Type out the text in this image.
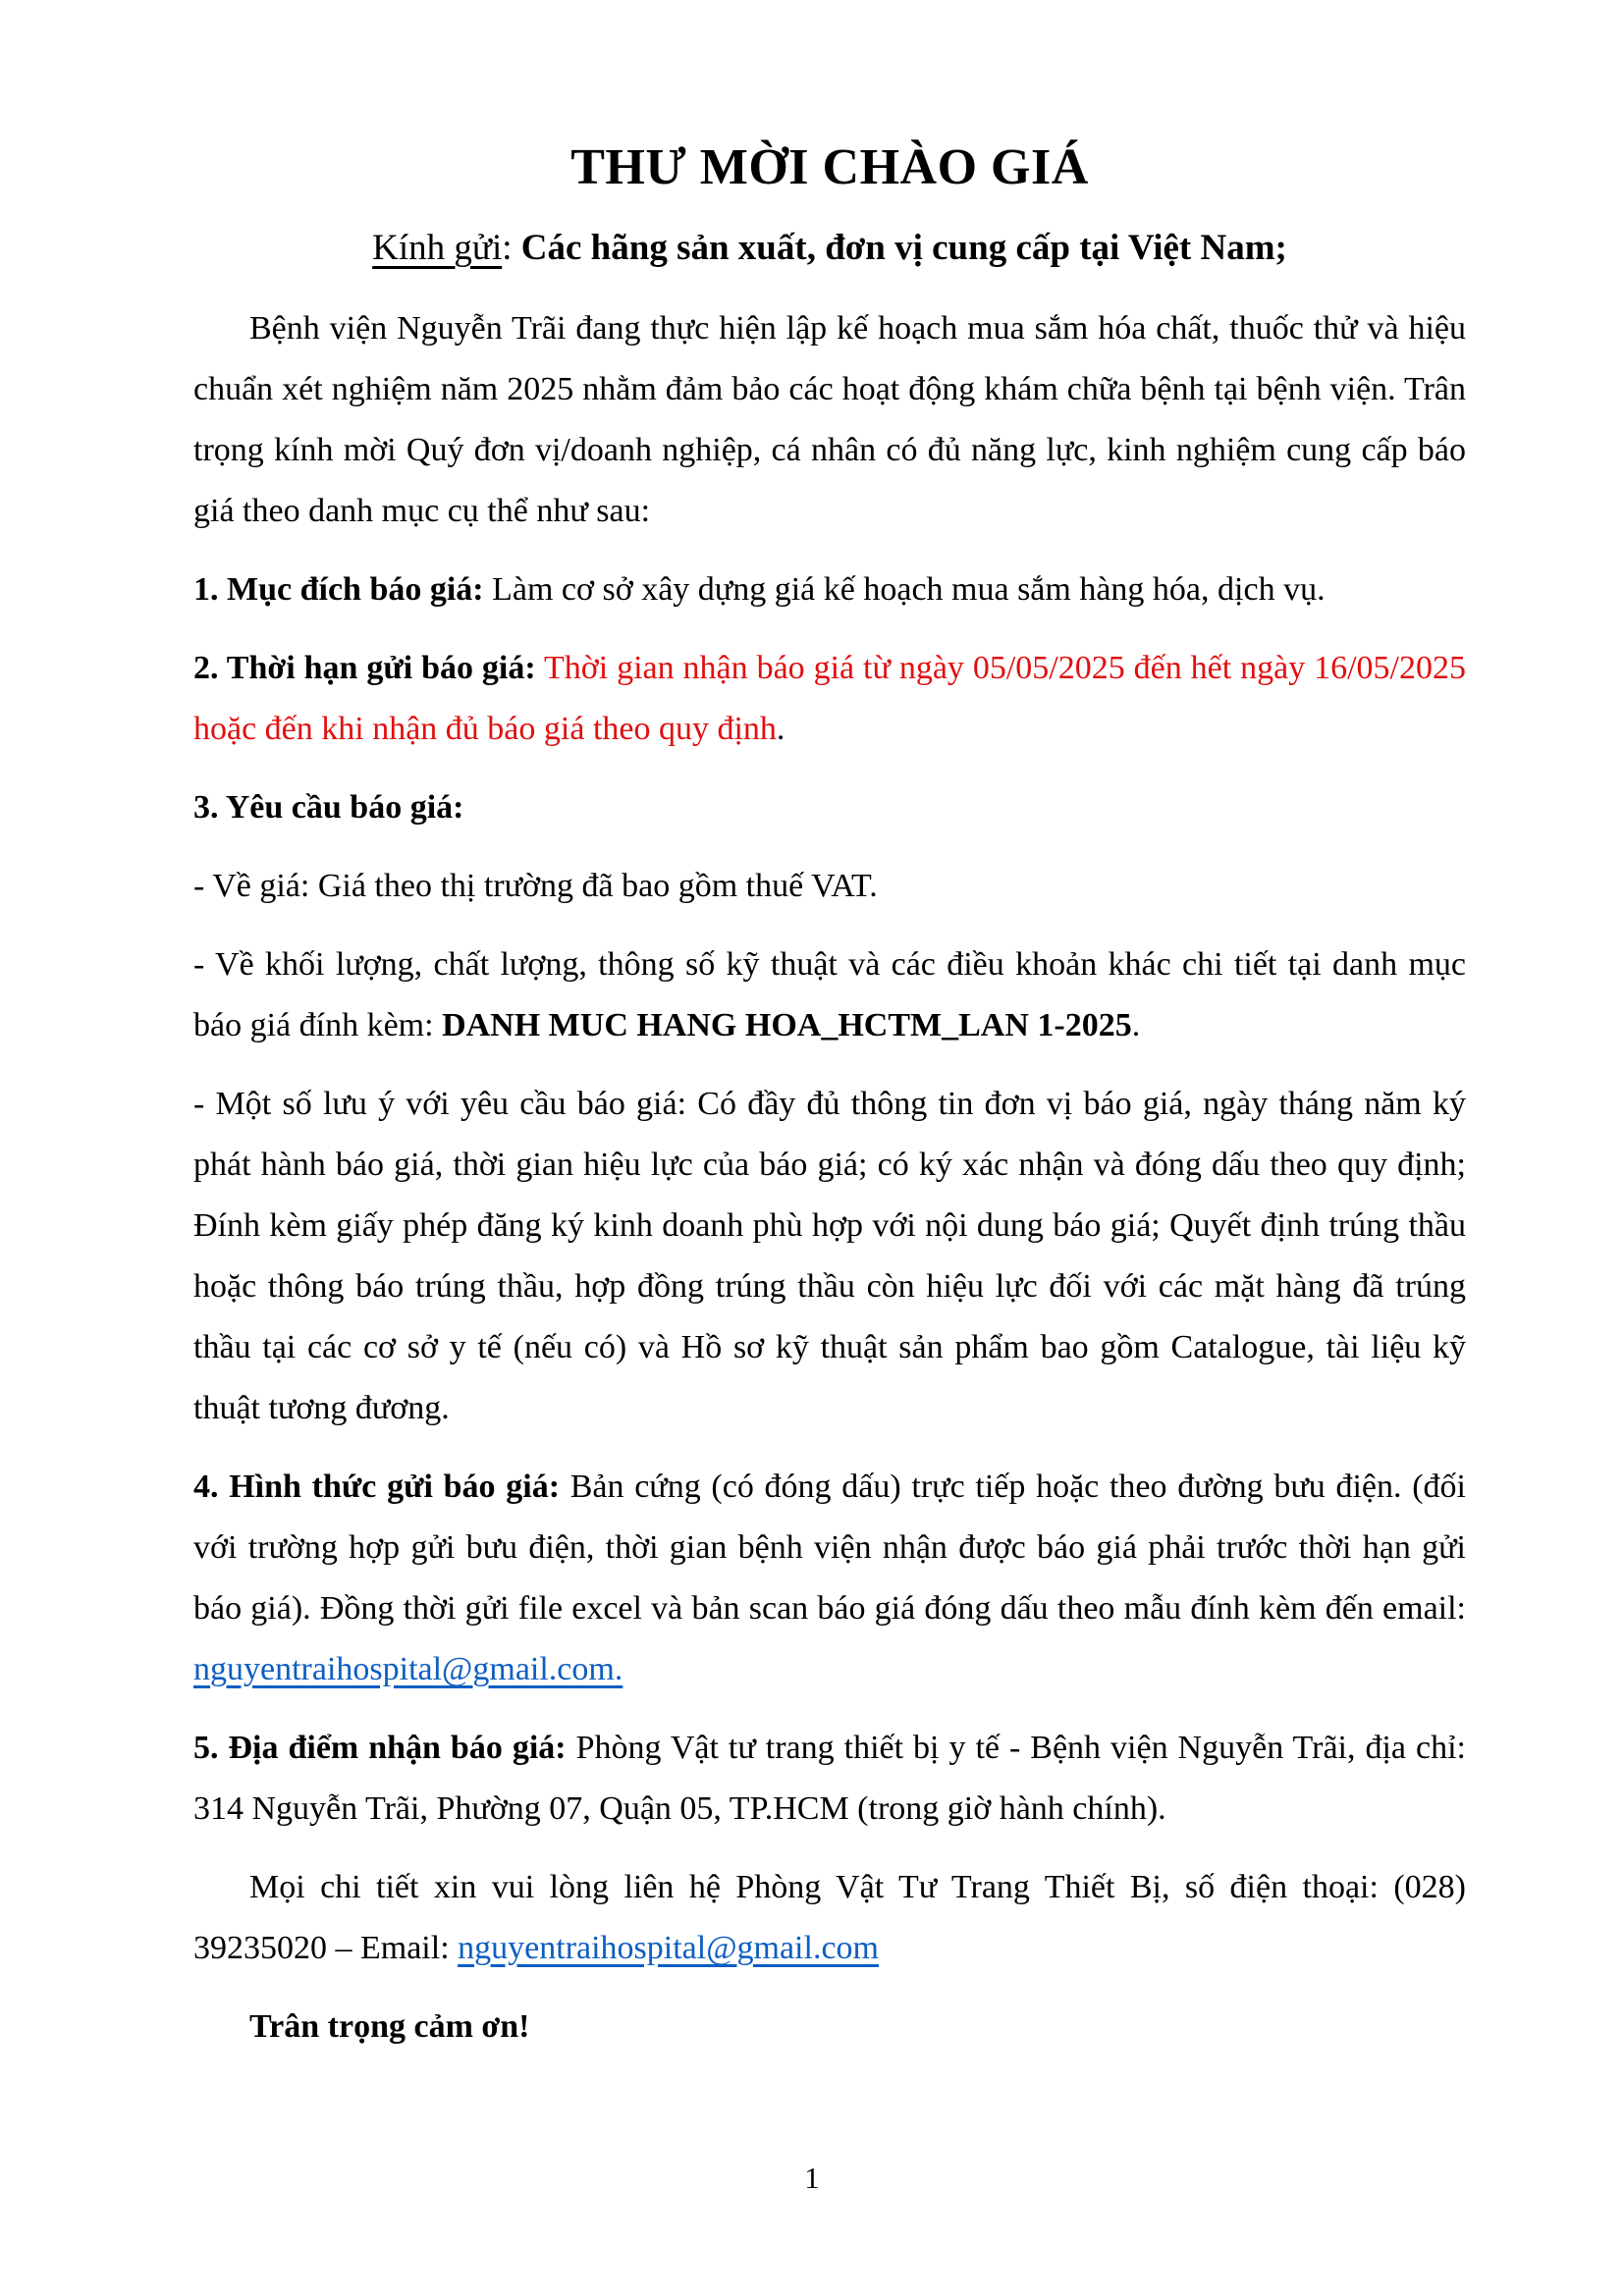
THƯ MỜI CHÀO GIÁ

Kính gửi: Các hãng sản xuất, đơn vị cung cấp tại Việt Nam;

Bệnh viện Nguyễn Trãi đang thực hiện lập kế hoạch mua sắm hóa chất, thuốc thử và hiệu chuẩn xét nghiệm năm 2025 nhằm đảm bảo các hoạt động khám chữa bệnh tại bệnh viện. Trân trọng kính mời Quý đơn vị/doanh nghiệp, cá nhân có đủ năng lực, kinh nghiệm cung cấp báo giá theo danh mục cụ thể như sau:

1. Mục đích báo giá: Làm cơ sở xây dựng giá kế hoạch mua sắm hàng hóa, dịch vụ.

2. Thời hạn gửi báo giá: Thời gian nhận báo giá từ ngày 05/05/2025 đến hết ngày 16/05/2025 hoặc đến khi nhận đủ báo giá theo quy định.

3. Yêu cầu báo giá:

- Về giá: Giá theo thị trường đã bao gồm thuế VAT.

- Về khối lượng, chất lượng, thông số kỹ thuật và các điều khoản khác chi tiết tại danh mục báo giá đính kèm: DANH MUC HANG HOA_HCTM_LAN 1-2025.

- Một số lưu ý với yêu cầu báo giá: Có đầy đủ thông tin đơn vị báo giá, ngày tháng năm ký phát hành báo giá, thời gian hiệu lực của báo giá; có ký xác nhận và đóng dấu theo quy định; Đính kèm giấy phép đăng ký kinh doanh phù hợp với nội dung báo giá; Quyết định trúng thầu hoặc thông báo trúng thầu, hợp đồng trúng thầu còn hiệu lực đối với các mặt hàng đã trúng thầu tại các cơ sở y tế (nếu có) và Hồ sơ kỹ thuật sản phẩm bao gồm Catalogue, tài liệu kỹ thuật tương đương.

4. Hình thức gửi báo giá: Bản cứng (có đóng dấu) trực tiếp hoặc theo đường bưu điện. (đối với trường hợp gửi bưu điện, thời gian bệnh viện nhận được báo giá phải trước thời hạn gửi báo giá). Đồng thời gửi file excel và bản scan báo giá đóng dấu theo mẫu đính kèm đến email: nguyentraihospital@gmail.com.

5. Địa điểm nhận báo giá: Phòng Vật tư trang thiết bị y tế - Bệnh viện Nguyễn Trãi, địa chỉ: 314 Nguyễn Trãi, Phường 07, Quận 05, TP.HCM (trong giờ hành chính).

Mọi chi tiết xin vui lòng liên hệ Phòng Vật Tư Trang Thiết Bị, số điện thoại: (028) 39235020 – Email: nguyentraihospital@gmail.com

Trân trọng cảm ơn!

1
